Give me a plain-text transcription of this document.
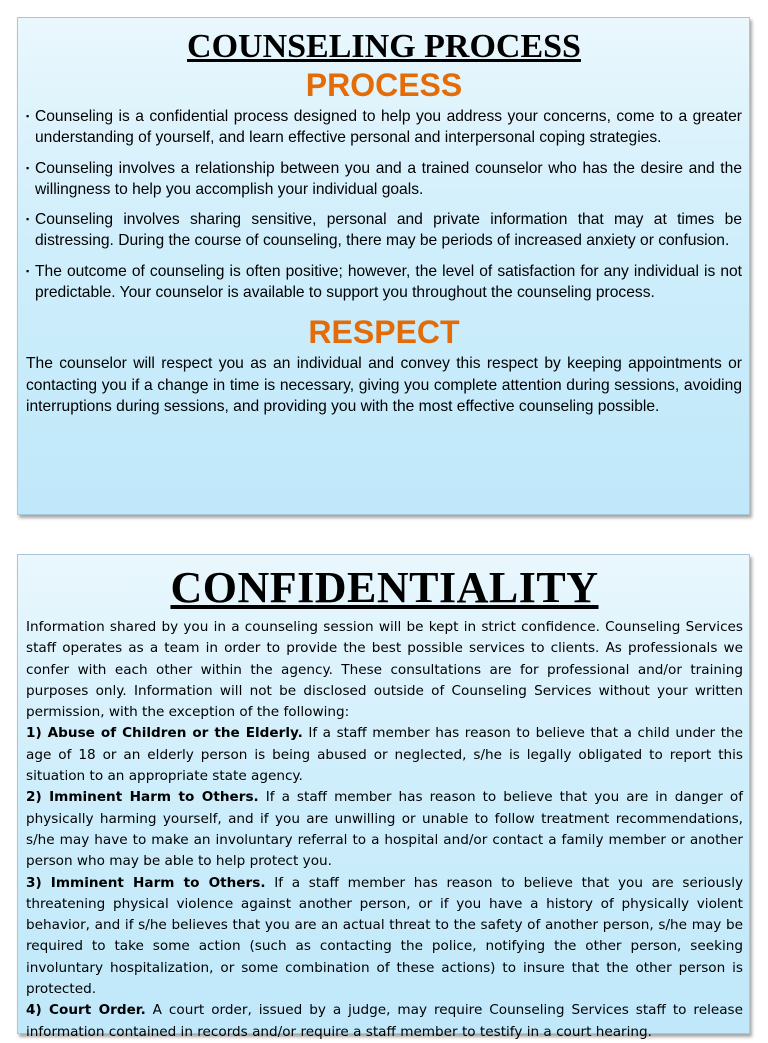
COUNSELING PROCESS
PROCESS
▪ Counseling is a confidential process designed to help you address your concerns, come to a greater understanding of yourself, and learn effective personal and interpersonal coping strategies.
▪ Counseling involves a relationship between you and a trained counselor who has the desire and the willingness to help you accomplish your individual goals.
▪ Counseling involves sharing sensitive, personal and private information that may at times be distressing. During the course of counseling, there may be periods of increased anxiety or confusion.
▪ The outcome of counseling is often positive; however, the level of satisfaction for any individual is not predictable. Your counselor is available to support you throughout the counseling process.
RESPECT

The counselor will respect you as an individual and convey this respect by keeping appointments or contacting you if a change in time is necessary, giving you complete attention during sessions, avoiding interruptions during sessions, and providing you with the most effective counseling possible.

CONFIDENTIALITY

Information shared by you in a counseling session will be kept in strict confidence. Counseling Services staff operates as a team in order to provide the best possible services to clients. As professionals we confer with each other within the agency. These consultations are for professional and/or training purposes only. Information will not be disclosed outside of Counseling Services without your written permission, with the exception of the following:

1) Abuse of Children or the Elderly. If a staff member has reason to believe that a child under the age of 18 or an elderly person is being abused or neglected, s/he is legally obligated to report this situation to an appropriate state agency.

2) Imminent Harm to Others. If a staff member has reason to believe that you are in danger of physically harming yourself, and if you are unwilling or unable to follow treatment recommendations, s/he may have to make an involuntary referral to a hospital and/or contact a family member or another person who may be able to help protect you.

3) Imminent Harm to Others. If a staff member has reason to believe that you are seriously threatening physical violence against another person, or if you have a history of physically violent behavior, and if s/he believes that you are an actual threat to the safety of another person, s/he may be required to take some action (such as contacting the police, notifying the other person, seeking involuntary hospitalization, or some combination of these actions) to insure that the other person is protected.

4) Court Order. A court order, issued by a judge, may require Counseling Services staff to release information contained in records and/or require a staff member to testify in a court hearing.
